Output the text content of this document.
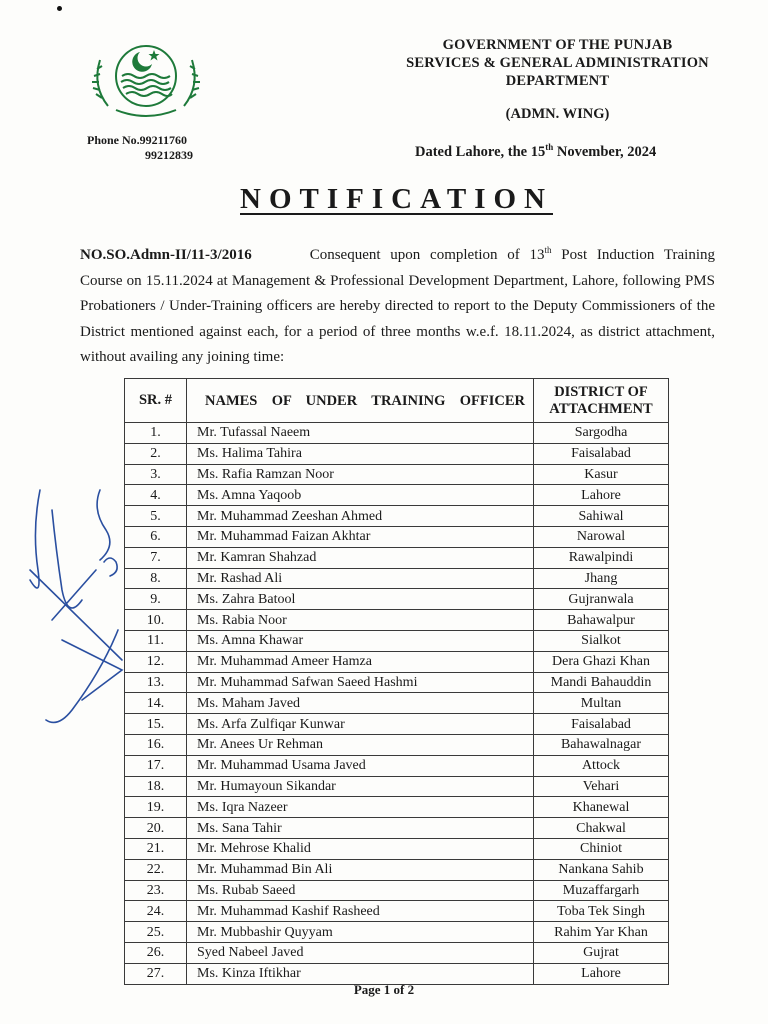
Phone No.99211760
99212839
GOVERNMENT OF THE PUNJAB
SERVICES & GENERAL ADMINISTRATION
DEPARTMENT
(ADMN. WING)
Dated Lahore, the 15th November, 2024
NOTIFICATION
NO.SO.Admn-II/11-3/2016	Consequent upon completion of 13th Post Induction Training Course on 15.11.2024 at Management & Professional Development Department, Lahore, following PMS Probationers / Under-Training officers are hereby directed to report to the Deputy Commissioners of the District mentioned against each, for a period of three months w.e.f. 18.11.2024, as district attachment, without availing any joining time:
SR. #	NAMES OF UNDER TRAINING OFFICER	DISTRICT OF ATTACHMENT
1.	Mr. Tufassal Naeem	Sargodha
2.	Ms. Halima Tahira	Faisalabad
3.	Ms. Rafia Ramzan Noor	Kasur
4.	Ms. Amna Yaqoob	Lahore
5.	Mr. Muhammad Zeeshan Ahmed	Sahiwal
6.	Mr. Muhammad Faizan Akhtar	Narowal
7.	Mr. Kamran Shahzad	Rawalpindi
8.	Mr. Rashad Ali	Jhang
9.	Ms. Zahra Batool	Gujranwala
10.	Ms. Rabia Noor	Bahawalpur
11.	Ms. Amna Khawar	Sialkot
12.	Mr. Muhammad Ameer Hamza	Dera Ghazi Khan
13.	Mr. Muhammad Safwan Saeed Hashmi	Mandi Bahauddin
14.	Ms. Maham Javed	Multan
15.	Ms. Arfa Zulfiqar Kunwar	Faisalabad
16.	Mr. Anees Ur Rehman	Bahawalnagar
17.	Mr. Muhammad Usama Javed	Attock
18.	Mr. Humayoun Sikandar	Vehari
19.	Ms. Iqra Nazeer	Khanewal
20.	Ms. Sana Tahir	Chakwal
21.	Mr. Mehrose Khalid	Chiniot
22.	Mr. Muhammad Bin Ali	Nankana Sahib
23.	Ms. Rubab Saeed	Muzaffargarh
24.	Mr. Muhammad Kashif Rasheed	Toba Tek Singh
25.	Mr. Mubbashir Quyyam	Rahim Yar Khan
26.	Syed Nabeel Javed	Gujrat
27.	Ms. Kinza Iftikhar	Lahore
Page 1 of 2
